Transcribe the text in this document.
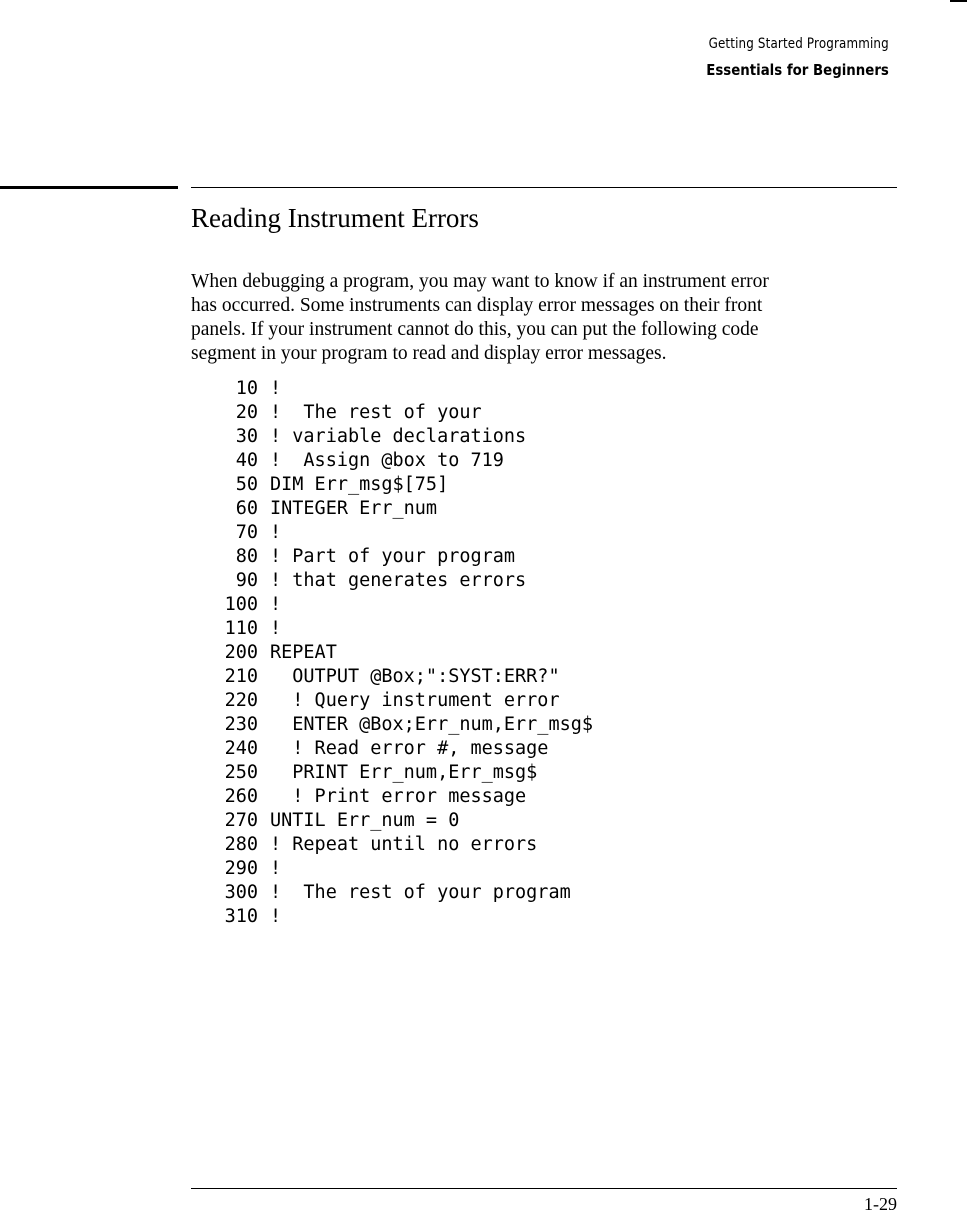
Getting Started Programming
Essentials for Beginners
Reading Instrument Errors

When debugging a program, you may want to know if an instrument error
has occurred. Some instruments can display error messages on their front
panels. If your instrument cannot do this, you can put the following code
segment in your program to read and display error messages.

10 !
20 !  The rest of your
30 ! variable declarations
40 !  Assign @box to 719
50 DIM Err_msg$[75]
60 INTEGER Err_num
70 !
80 ! Part of your program
90 ! that generates errors
100 !
110 !
200 REPEAT
210  OUTPUT @Box;":SYST:ERR?"
220  ! Query instrument error
230  ENTER @Box;Err_num,Err_msg$
240  ! Read error #, message
250  PRINT Err_num,Err_msg$
260  ! Print error message
270 UNTIL Err_num = 0
280 ! Repeat until no errors
290 !
300 !  The rest of your program
310 !
1-29
